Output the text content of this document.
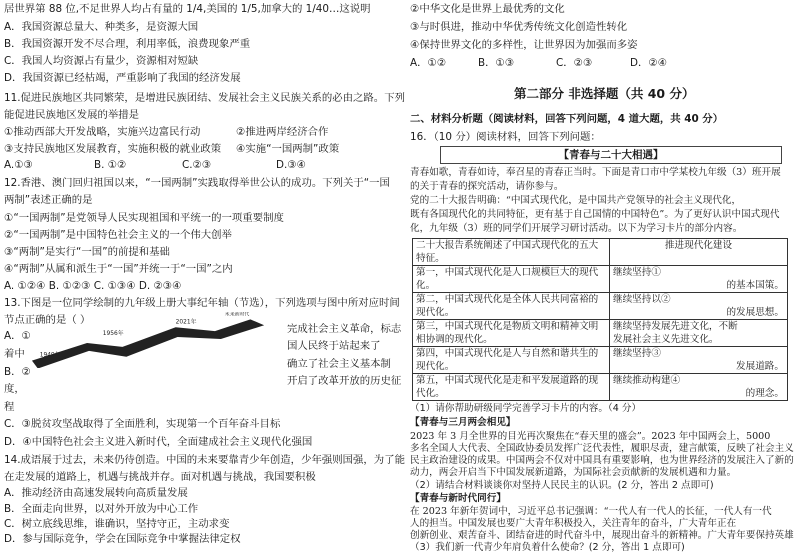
居世界第 88 位,不足世界人均占有量的 1/4,美国的 1/5,加拿大的 1/40…这说明
A．我国资源总量大、种类多，是资源大国
B．我国资源开发不尽合理，利用率低，浪费现象严重
C．我国人均资源占有量少，资源相对短缺
D．我国资源已经枯竭，严重影响了我国的经济发展
11.促进民族地区共同繁荣，是增进民族团结、发展社会主义民族关系的必由之路。下列
能促进民族地区发展的举措是
①推动西部大开发战略，实施兴边富民行动	②推进两岸经济合作
③支持民族地区发展教育，实施积极的就业政策 ④实施“一国两制”政策
A.①③	B. ①②	C.②③	D.③④
12.香港、澳门回归祖国以来，“一国两制”实践取得举世公认的成功。下列关于“一国
两制”表述正确的是
①“一国两制”是党领导人民实现祖国和平统一的一项重要制度
②“一国两制”是中国特色社会主义的一个伟大创举
③“两制”是实行“一国”的前提和基础
④“两制”从属和派生于“一国”并统一于“一国”之内
A. ①②④ B. ①②③ C. ①③④ D. ②③④
13.下图是一位同学绘制的九年级上册大事纪年轴（节选），下列选项与图中所对应时间
节点正确的是（ ）
A．①
着中
B．②
度，
程
1949年
1956年
2021年
未来新时代
完成社会主义革命，标志
国人民终于站起来了
确立了社会主义基本制
开启了改革开放的历史征
C．③脱贫攻坚战取得了全面胜利，实现第一个百年奋斗目标
D．④中国特色社会主义进入新时代，全面建成社会主义现代化强国
14.成语展于过去，未来仍待创造。中国的未来要靠青少年创造，少年强则国强，为了能
在走发展的道路上，机遇与挑战并存。面对机遇与挑战，我国要积极
A．推动经济由高速发展转向高质量发展
B．全面走向世界，以对外开放为中心工作
C．树立底线思维，谁确识，坚持守正，主动求变
D．参与国际竞争，学会在国际竞争中掌握法律定权
②中华文化是世界上最优秀的文化
③与时俱进，推动中华优秀传统文化创造性转化
④保持世界文化的多样性，让世界因为加强而多姿
A．①②	B．①③	C．②③	D．②④
第二部分 非选择题（共 40 分）
二、材料分析题（阅读材料，回答下列问题，4 道大题，共 40 分）
16．（10 分）阅读材料，回答下列问题：
【青春与二十大相遇】
青春如歌，青春如诗，奉召星的青春正当时。下面是青口市中学某校九年级（3）班开展
的关于青春的探究活动，请你参与。
党的二十大报告明确：“中国式现代化，是中国共产党领导的社会主义现代化，
既有各国现代化的共同特征，更有基于自己国情的中国特色”。为了更好认识中国式现代
化，九年级（3）班的同学们开展学习研讨活动。以下为学习卡片的部分内容。
二十大报告系统阐述了中国式现代化的五大特征。	推进现代化建设
第一，中国式现代化是人口规模巨大的现代化。	继续坚持①
的基本国策。

第二，中国式现代化是全体人民共同富裕的现代化。	继续坚持以②
的发展思想。

第三，中国式现代化是物质文明和精神文明相协调的现代化。	继续坚持发展先进文化，不断
发展社会主义先进文化。

第四，中国式现代化是人与自然和谐共生的现代化。	继续坚持③
发展道路。

第五，中国式现代化是走和平发展道路的现代化。	继续推动构建④
的理念。
（1）请你帮助研级同学完善学习卡片的内容。（4 分）
【青春与三月两会相见】
2023 年 3 月全世界的目光再次聚焦在“春天里的盛会”。2023 年中国两会上，5000
多名全国人大代表、全国政协委员发挥广泛代表性，履职尽责，建言献策，反映了社会主义
民主政治建设的成果。中国两会不仅对中国具有重要影响，也为世界经济的发展注入了新的
动力，两会开启当下中国发展新道路，为国际社会贡献新的发展机遇和力量。
（2）请结合材料谈谈你对坚持人民民主的认识。(2 分，答出 2 点即可)
【青春与新时代同行】
在 2023 年新年贺词中，习近平总书记强调：“一代人有一代人的长征，一代人有一代
人的担当。中国发展也要广大青年积极投入，关注青年的奋斗，广大青年正在
创新创业、艰苦奋斗、团结奋进的时代奋斗中，展现出奋斗的新精神。广大青年要保持英雄
（3）我们新一代青少年肩负着什么使命？(2 分，答出 1 点即可)
